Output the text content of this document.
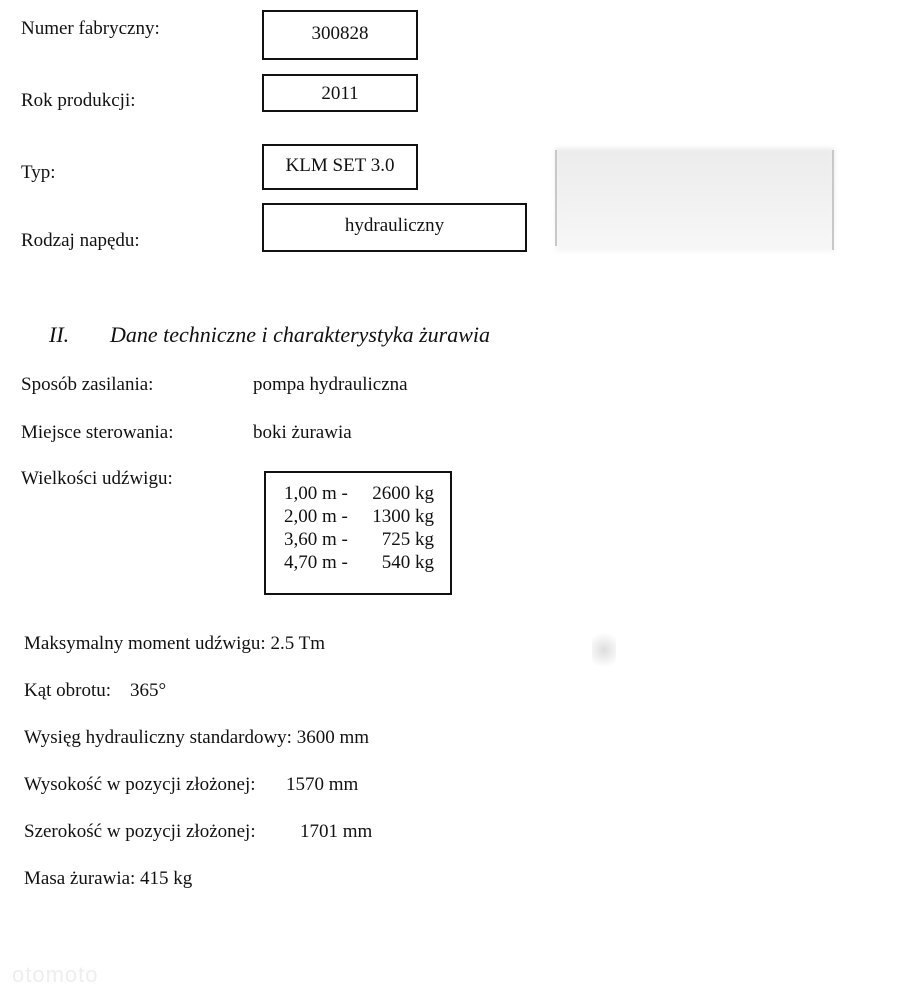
Numer fabryczny:	300828
Rok produkcji:	2011
Typ:	KLM SET 3.0
Rodzaj napędu:
hydrauliczny
II. Dane techniczne i charakterystyka żurawia
Sposób zasilania:	pompa hydrauliczna
Miejsce sterowania:	boki żurawia
Wielkości udźwigu:
1,00 m - 2600 kg
2,00 m - 1300 kg
3,60 m - 725 kg
4,70 m - 540 kg
Maksymalny moment udźwigu: 2.5 Tm
Kąt obrotu: 365°
Wysięg hydrauliczny standardowy: 3600 mm
Wysokość w pozycji złożonej: 1570 mm
Szerokość w pozycji złożonej: 1701 mm
Masa żurawia: 415 kg
otomoto
